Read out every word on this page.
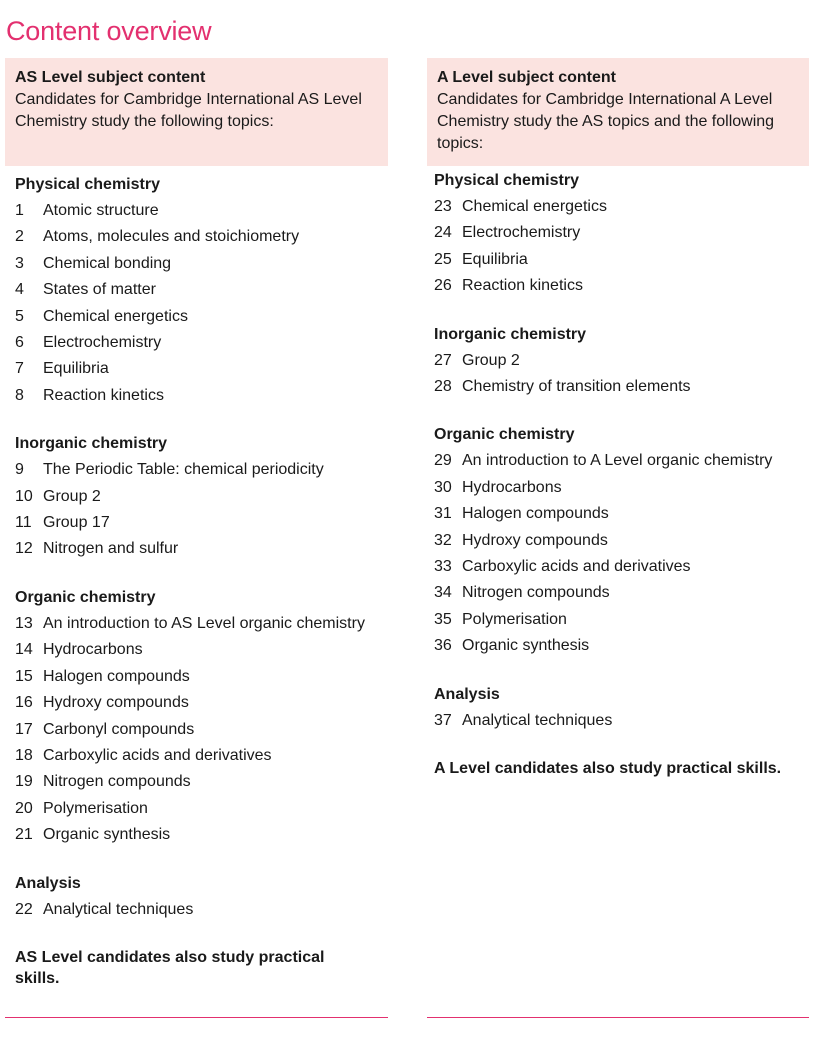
Content overview

AS Level subject content

Candidates for Cambridge International AS Level Chemistry study the following topics:

Physical chemistry

1	Atomic structure
2	Atoms, molecules and stoichiometry
3	Chemical bonding
4	States of matter
5	Chemical energetics
6	Electrochemistry
7	Equilibria
8	Reaction kinetics

Inorganic chemistry

9	The Periodic Table: chemical periodicity
10 Group 2
11 Group 17
12 Nitrogen and sulfur

Organic chemistry

13 An introduction to AS Level organic chemistry
14 Hydrocarbons
15 Halogen compounds
16 Hydroxy compounds
17 Carbonyl compounds
18 Carboxylic acids and derivatives
19 Nitrogen compounds
20 Polymerisation
21 Organic synthesis

Analysis

22 Analytical techniques

AS Level candidates also study practical skills.

A Level subject content

Candidates for Cambridge International A Level Chemistry study the AS topics and the following topics:

Physical chemistry

23 Chemical energetics
24 Electrochemistry
25 Equilibria
26 Reaction kinetics

Inorganic chemistry

27 Group 2
28 Chemistry of transition elements

Organic chemistry

29 An introduction to A Level organic chemistry
30 Hydrocarbons
31 Halogen compounds
32 Hydroxy compounds
33 Carboxylic acids and derivatives
34 Nitrogen compounds
35 Polymerisation
36 Organic synthesis

Analysis

37 Analytical techniques

A Level candidates also study practical skills.
